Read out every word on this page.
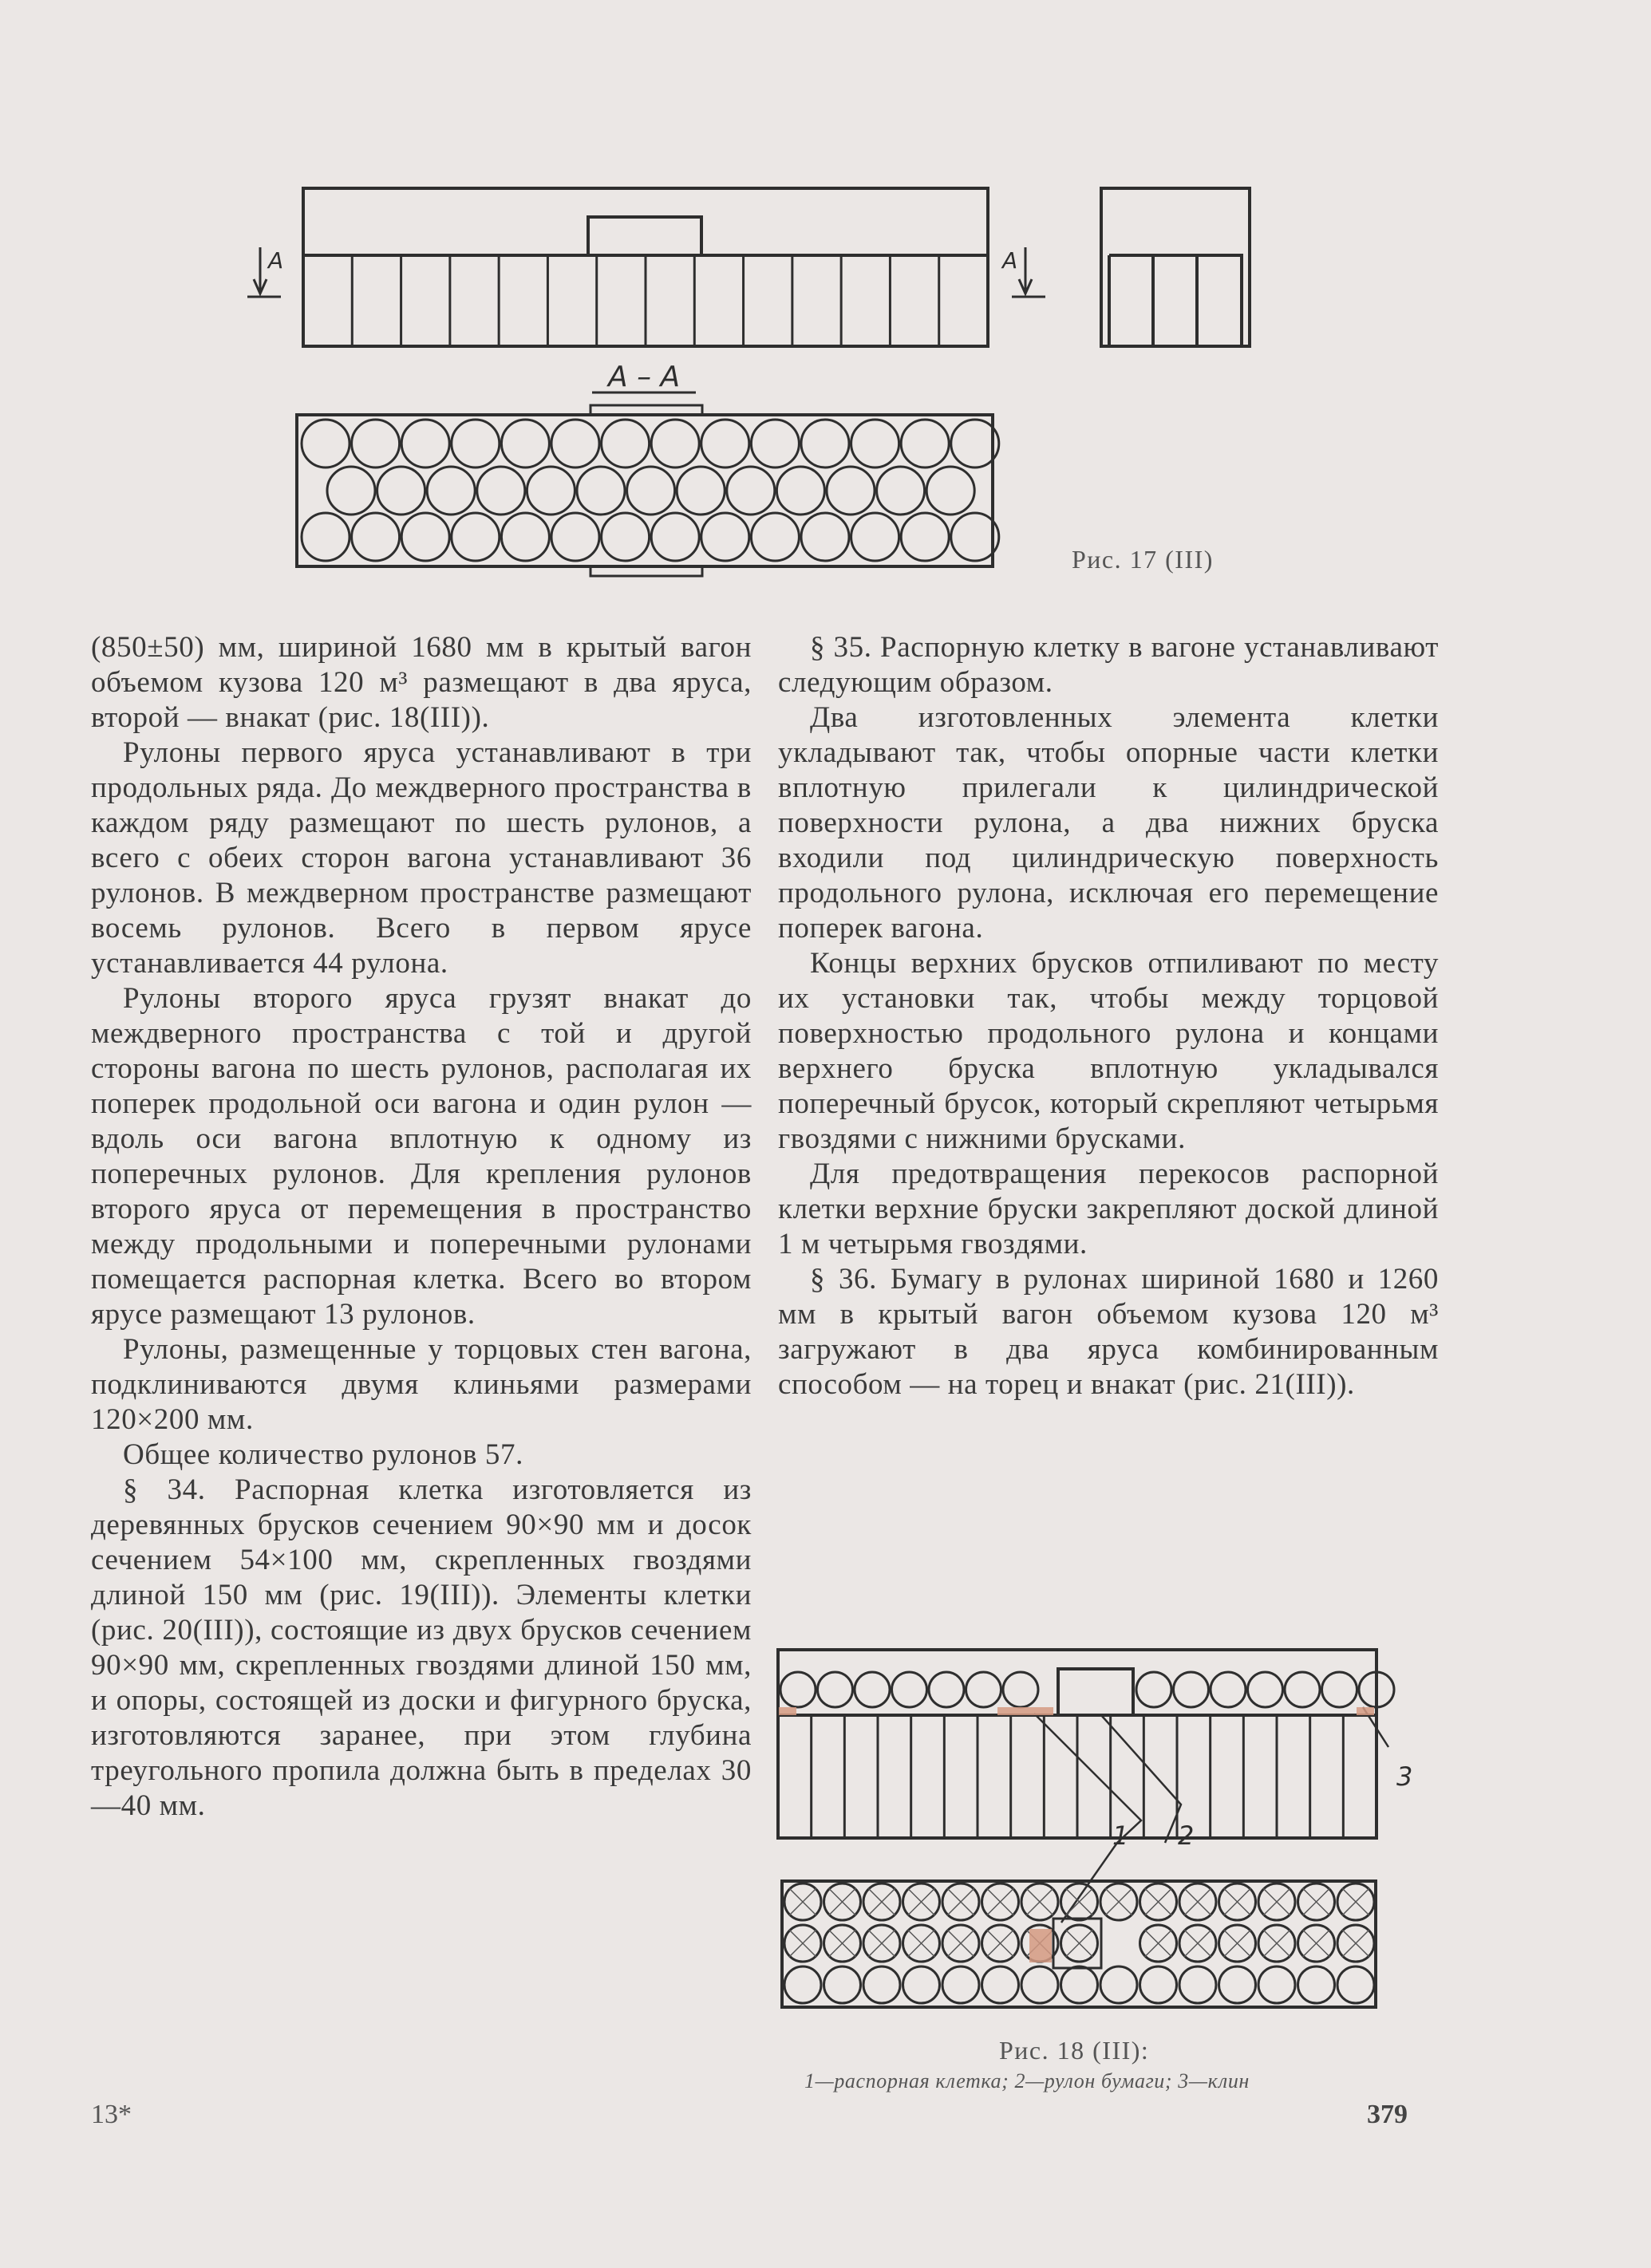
А	А
А – А
Рис. 17 (III)

(850±50) мм, шириной 1680 мм в крытый вагон объемом кузова 120 м³ размещают в два яруса, второй — внакат (рис. 18(III)).

Рулоны первого яруса устанавливают в три продольных ряда. До междверного пространства в каждом ряду размещают по шесть рулонов, а всего с обеих сторон вагона устанавливают 36 рулонов. В междверном пространстве размещают восемь рулонов. Всего в первом ярусе устанавливается 44 рулона.

Рулоны второго яруса грузят внакат до междверного пространства с той и другой стороны вагона по шесть рулонов, располагая их поперек продольной оси вагона и один рулон — вдоль оси вагона вплотную к одному из поперечных рулонов. Для крепления рулонов второго яруса от перемещения в пространство между продольными и поперечными рулонами помещается распорная клетка. Всего во втором ярусе размещают 13 рулонов.

Рулоны, размещенные у торцовых стен вагона, подклиниваются двумя клиньями размерами 120×200 мм.

Общее количество рулонов 57.

§ 34. Распорная клетка изготовляется из деревянных брусков сечением 90×90 мм и досок сечением 54×100 мм, скрепленных гвоздями длиной 150 мм (рис. 19(III)). Элементы клетки (рис. 20(III)), состоящие из двух брусков сечением 90×90 мм, скрепленных гвоздями длиной 150 мм, и опоры, состоящей из доски и фигурного бруска, изготовляются заранее, при этом глубина треугольного пропила должна быть в пределах 30—40 мм.

§ 35. Распорную клетку в вагоне устанавливают следующим образом.

Два изготовленных элемента клетки укладывают так, чтобы опорные части клетки вплотную прилегали к цилиндрической поверхности рулона, а два нижних бруска входили под цилиндрическую поверхность продольного рулона, исключая его перемещение поперек вагона.

Концы верхних брусков отпиливают по месту их установки так, чтобы между торцовой поверхностью продольного рулона и концами верхнего бруска вплотную укладывался поперечный брусок, который скрепляют четырьмя гвоздями с нижними брусками.

Для предотвращения перекосов распорной клетки верхние бруски закрепляют доской длиной 1 м четырьмя гвоздями.

§ 36. Бумагу в рулонах шириной 1680 и 1260 мм в крытый вагон объемом кузова 120 м³ загружают в два яруса комбинированным способом — на торец и внакат (рис. 21(III)).

1 2
3
Рис. 18 (III):
1—распорная клетка; 2—рулон бумаги; 3—клин
13*	379
